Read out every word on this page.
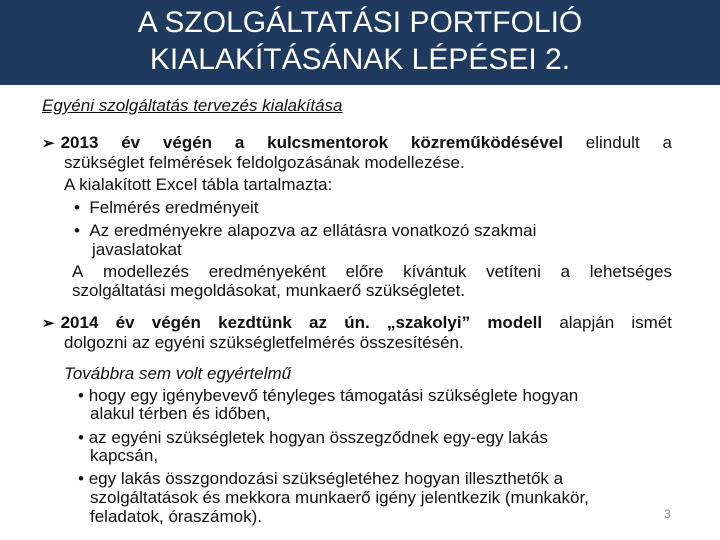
A SZOLGÁLTATÁSI PORTFOLIÓ
KIALAKÍTÁSÁNAK LÉPÉSEI 2.
Egyéni szolgáltatás tervezés kialakítása
➢ 2013 év végén a kulcsmentorok közreműködésével elindult a
szükséglet felmérések feldolgozásának modellezése.
A kialakított Excel tábla tartalmazta:
•  Felmérés eredményeit
•  Az eredményekre alapozva az ellátásra vonatkozó szakmai
javaslatokat
A modellezés eredményeként előre kívántuk vetíteni a lehetséges
szolgáltatási megoldásokat, munkaerő szükségletet.
➢ 2014 év végén kezdtünk az ún. „szakolyi” modell alapján ismét
dolgozni az egyéni szükségletfelmérés összesítésén.
Továbbra sem volt egyértelmű
• hogy egy igénybevevő tényleges támogatási szükséglete hogyan
alakul térben és időben,
• az egyéni szükségletek hogyan összegződnek egy-egy lakás
kapcsán,
• egy lakás összgondozási szükségletéhez hogyan illeszthetők a
szolgáltatások és mekkora munkaerő igény jelentkezik (munkakör,
feladatok, óraszámok).	3
